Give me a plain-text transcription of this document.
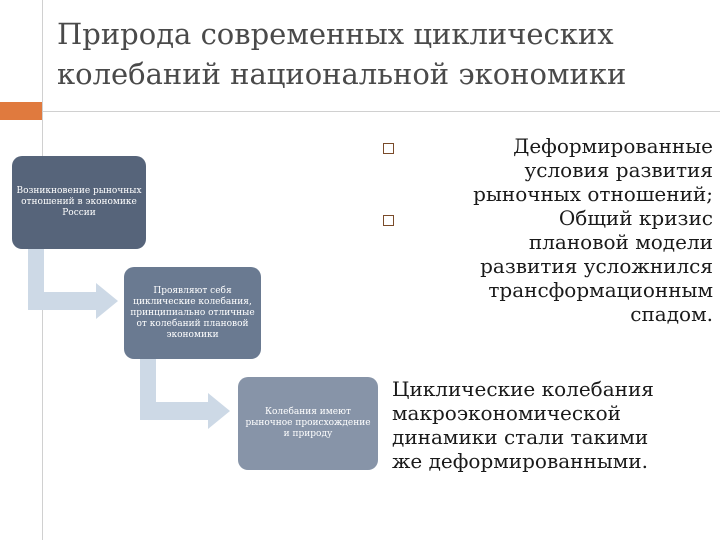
Природа современных циклических
колебаний национальной экономики
Возникновение рыночных отношений в экономике России
Проявляют себя циклические колебания, принципиально отличные от колебаний плановой экономики
Колебания имеют рыночное происхождение и природу
Деформированные
условия развития
рыночных отношений;
Общий кризис
плановой модели
развития усложнился
трансформационным
спадом.
Циклические колебания
макроэкономической
динамики стали такими
же деформированными.
